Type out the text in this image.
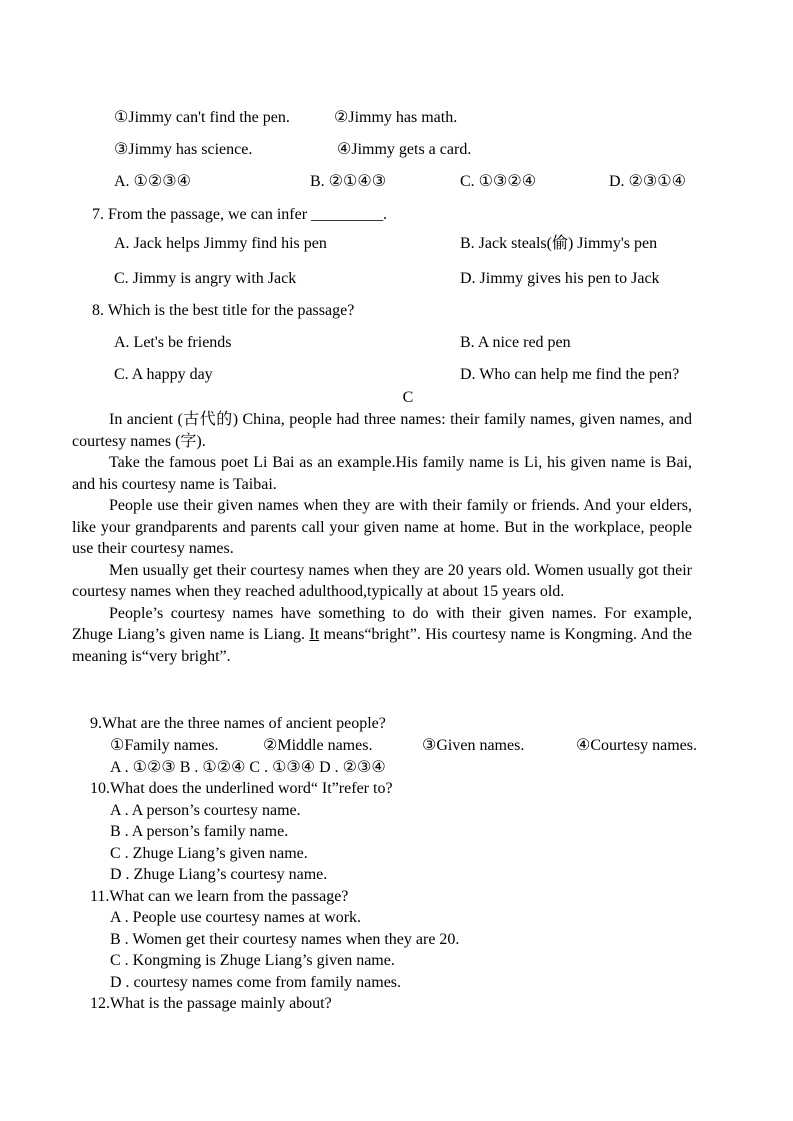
①Jimmy can't find the pen.	②Jimmy has math.
③Jimmy has science.	④Jimmy gets a card.
A. ①②③④	B. ②①④③	C. ①③②④	D. ②③①④
7. From the passage, we can infer _________.
A. Jack helps Jimmy find his pen	B. Jack steals(偷) Jimmy's pen
C. Jimmy is angry with Jack	D. Jimmy gives his pen to Jack
8. Which is the best title for the passage?
A. Let's be friends	B. A nice red pen
C. A happy day	D. Who can help me find the pen?
C

In ancient (古代的) China, people had three names: their family names, given names, and courtesy names (字).

Take the famous poet Li Bai as an example.His family name is Li, his given name is Bai, and his courtesy name is Taibai.

People use their given names when they are with their family or friends. And your elders, like your grandparents and parents call your given name at home. But in the workplace, people use their courtesy names.

Men usually get their courtesy names when they are 20 years old. Women usually got their courtesy names when they reached adulthood,typically at about 15 years old.

People’s courtesy names have something to do with their given names. For example, Zhuge Liang’s given name is Liang. It means“bright”. His courtesy name is Kongming. And the meaning is“very bright”.

9.What are the three names of ancient people?
①Family names.	②Middle names.	③Given names.	④Courtesy names.
A . ①②③ B . ①②④ C . ①③④ D . ②③④
10.What does the underlined word“ It”refer to?
A . A person’s courtesy name.
B . A person’s family name.
C . Zhuge Liang’s given name.
D . Zhuge Liang’s courtesy name.
11.What can we learn from the passage?
A . People use courtesy names at work.
B . Women get their courtesy names when they are 20.
C . Kongming is Zhuge Liang’s given name.
D . courtesy names come from family names.
12.What is the passage mainly about?
